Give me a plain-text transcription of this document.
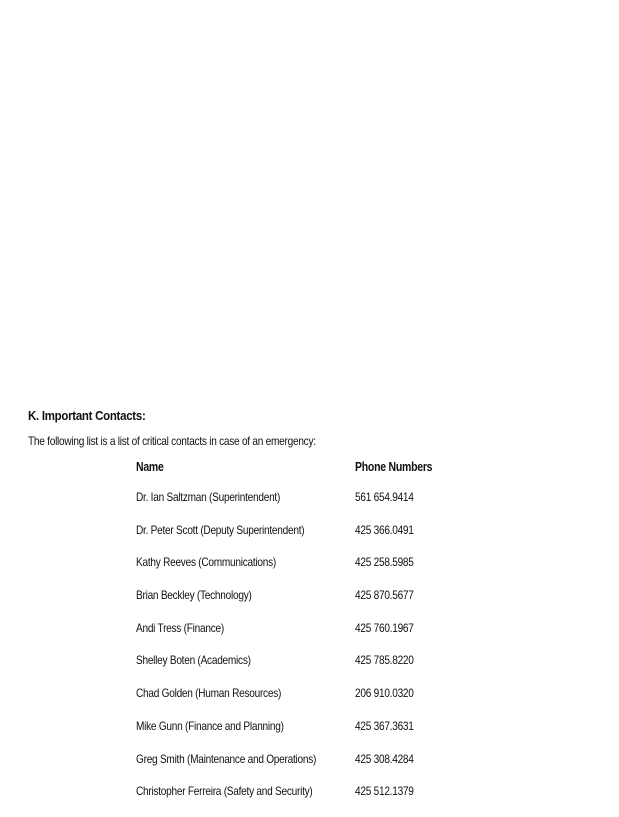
K. Important Contacts:
The following list is a list of critical contacts in case of an emergency:
Name	Phone Numbers
Dr. Ian Saltzman (Superintendent)	561 654.9414
Dr. Peter Scott (Deputy Superintendent)	425 366.0491
Kathy Reeves (Communications)	425 258.5985
Brian Beckley (Technology)	425 870.5677
Andi Tress (Finance)	425 760.1967
Shelley Boten (Academics)	425 785.8220
Chad Golden (Human Resources)	206 910.0320
Mike Gunn (Finance and Planning)	425 367.3631
Greg Smith (Maintenance and Operations)	425 308.4284
Christopher Ferreira (Safety and Security)	425 512.1379
